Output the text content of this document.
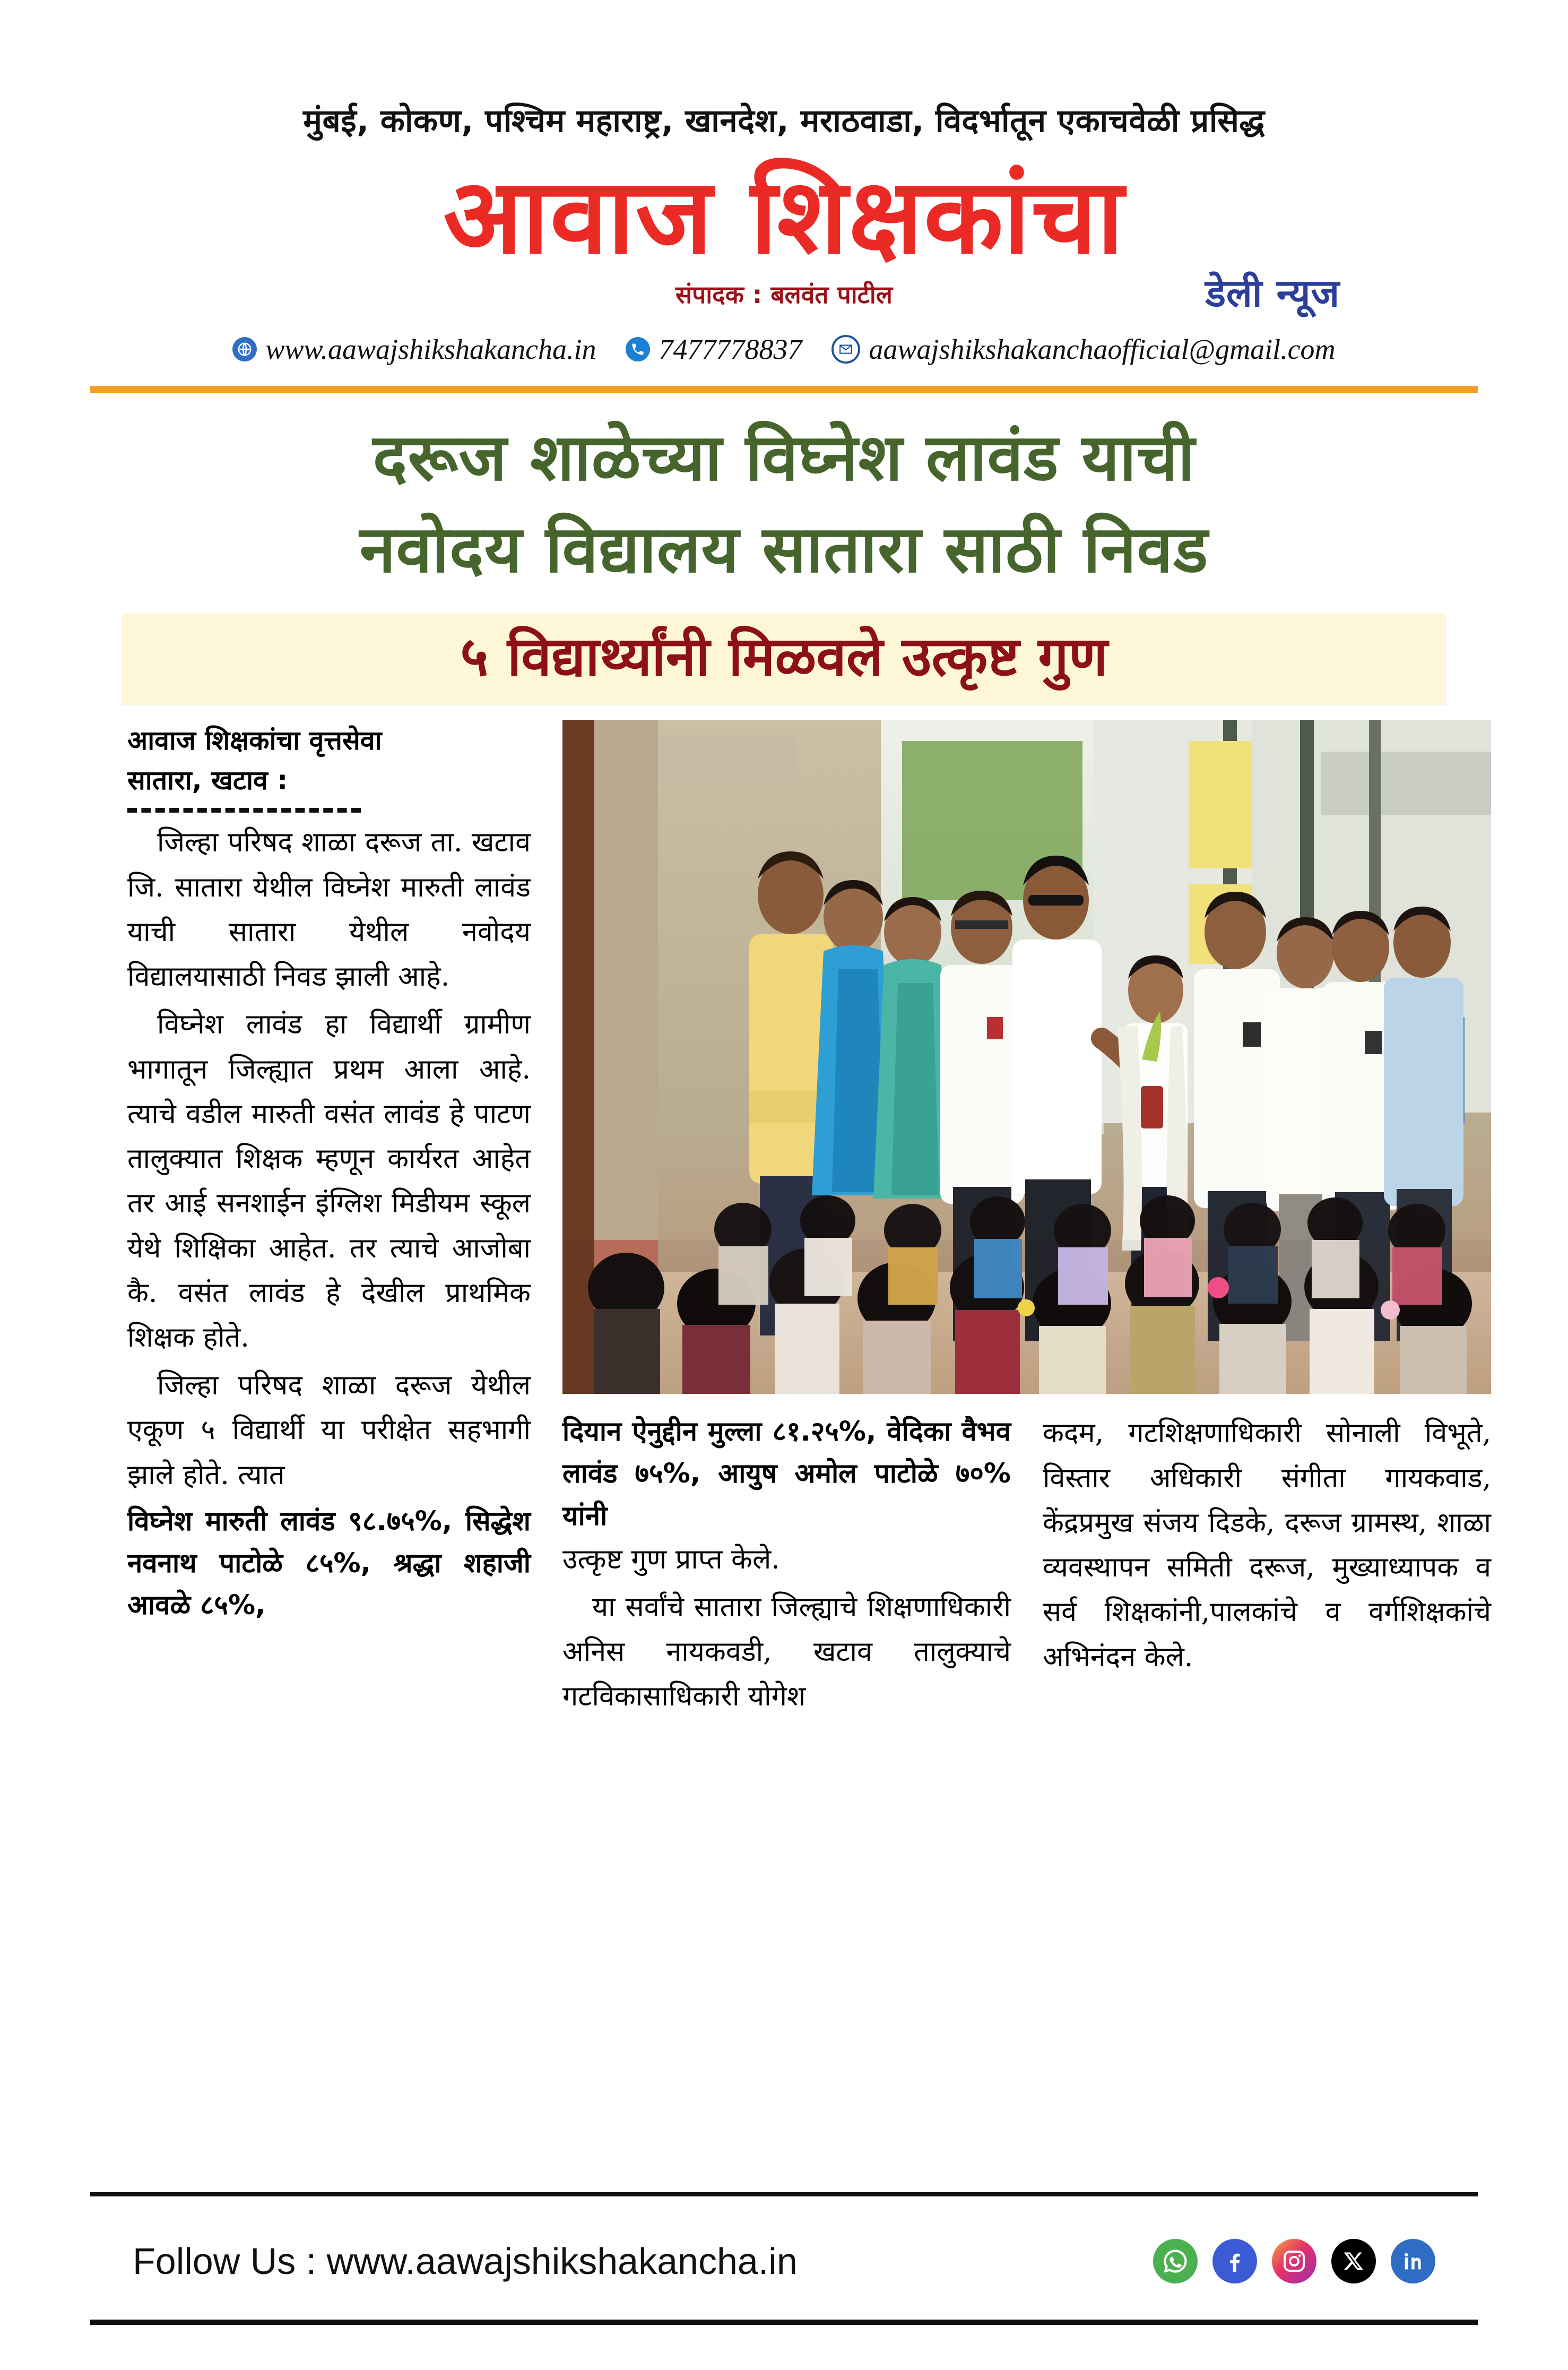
मुंबई, कोकण, पश्चिम महाराष्ट्र, खानदेश, मराठवाडा, विदर्भातून एकाचवेळी प्रसिद्ध
आवाज शिक्षकांचा
संपादक : बलवंत पाटील	डेली न्यूज
www.aawajshikshakancha.in 7477778837 aawajshikshakanchaofficial@gmail.com
दरूज शाळेच्या विघ्नेश लावंड याची
नवोदय विद्यालय सातारा साठी निवड
५ विद्यार्थ्यांनी मिळवले उत्कृष्ट गुण
आवाज शिक्षकांचा वृत्तसेवा
सातारा, खटाव :

जिल्हा परिषद शाळा दरूज ता. खटाव जि. सातारा येथील विघ्नेश मारुती लावंड याची सातारा येथील नवोदय विद्यालयासाठी निवड झाली आहे.

विघ्नेश लावंड हा विद्यार्थी ग्रामीण भागातून जिल्ह्यात प्रथम आला आहे. त्याचे वडील मारुती वसंत लावंड हे पाटण तालुक्यात शिक्षक म्हणून कार्यरत आहेत तर आई सनशाईन इंग्लिश मिडीयम स्कूल येथे शिक्षिका आहेत. तर त्याचे आजोबा कै. वसंत लावंड हे देखील प्राथमिक शिक्षक होते.

जिल्हा परिषद शाळा दरूज येथील एकूण ५ विद्यार्थी या परीक्षेत सहभागी झाले होते. त्यात

विघ्नेश मारुती लावंड ९८.७५%, सिद्धेश नवनाथ पाटोळे ८५%, श्रद्धा शहाजी आवळे ८५%,
दियान ऐनुद्दीन मुल्ला ८१.२५%, वेदिका वैभव लावंड ७५%, आयुष अमोल पाटोळे ७०% यांनी

उत्कृष्ट गुण प्राप्त केले.

या सर्वांचे सातारा जिल्ह्याचे शिक्षणाधिकारी अनिस नायकवडी, खटाव तालुक्याचे गटविकासाधिकारी योगेश

कदम, गटशिक्षणाधिकारी सोनाली विभूते, विस्तार अधिकारी संगीता गायकवाड, केंद्रप्रमुख संजय दिडके, दरूज ग्रामस्थ, शाळा व्यवस्थापन समिती दरूज, मुख्याध्यापक व सर्व शिक्षकांनी,पालकांचे व वर्गशिक्षकांचे अभिनंदन केले.

Follow Us : www.aawajshikshakancha.in
